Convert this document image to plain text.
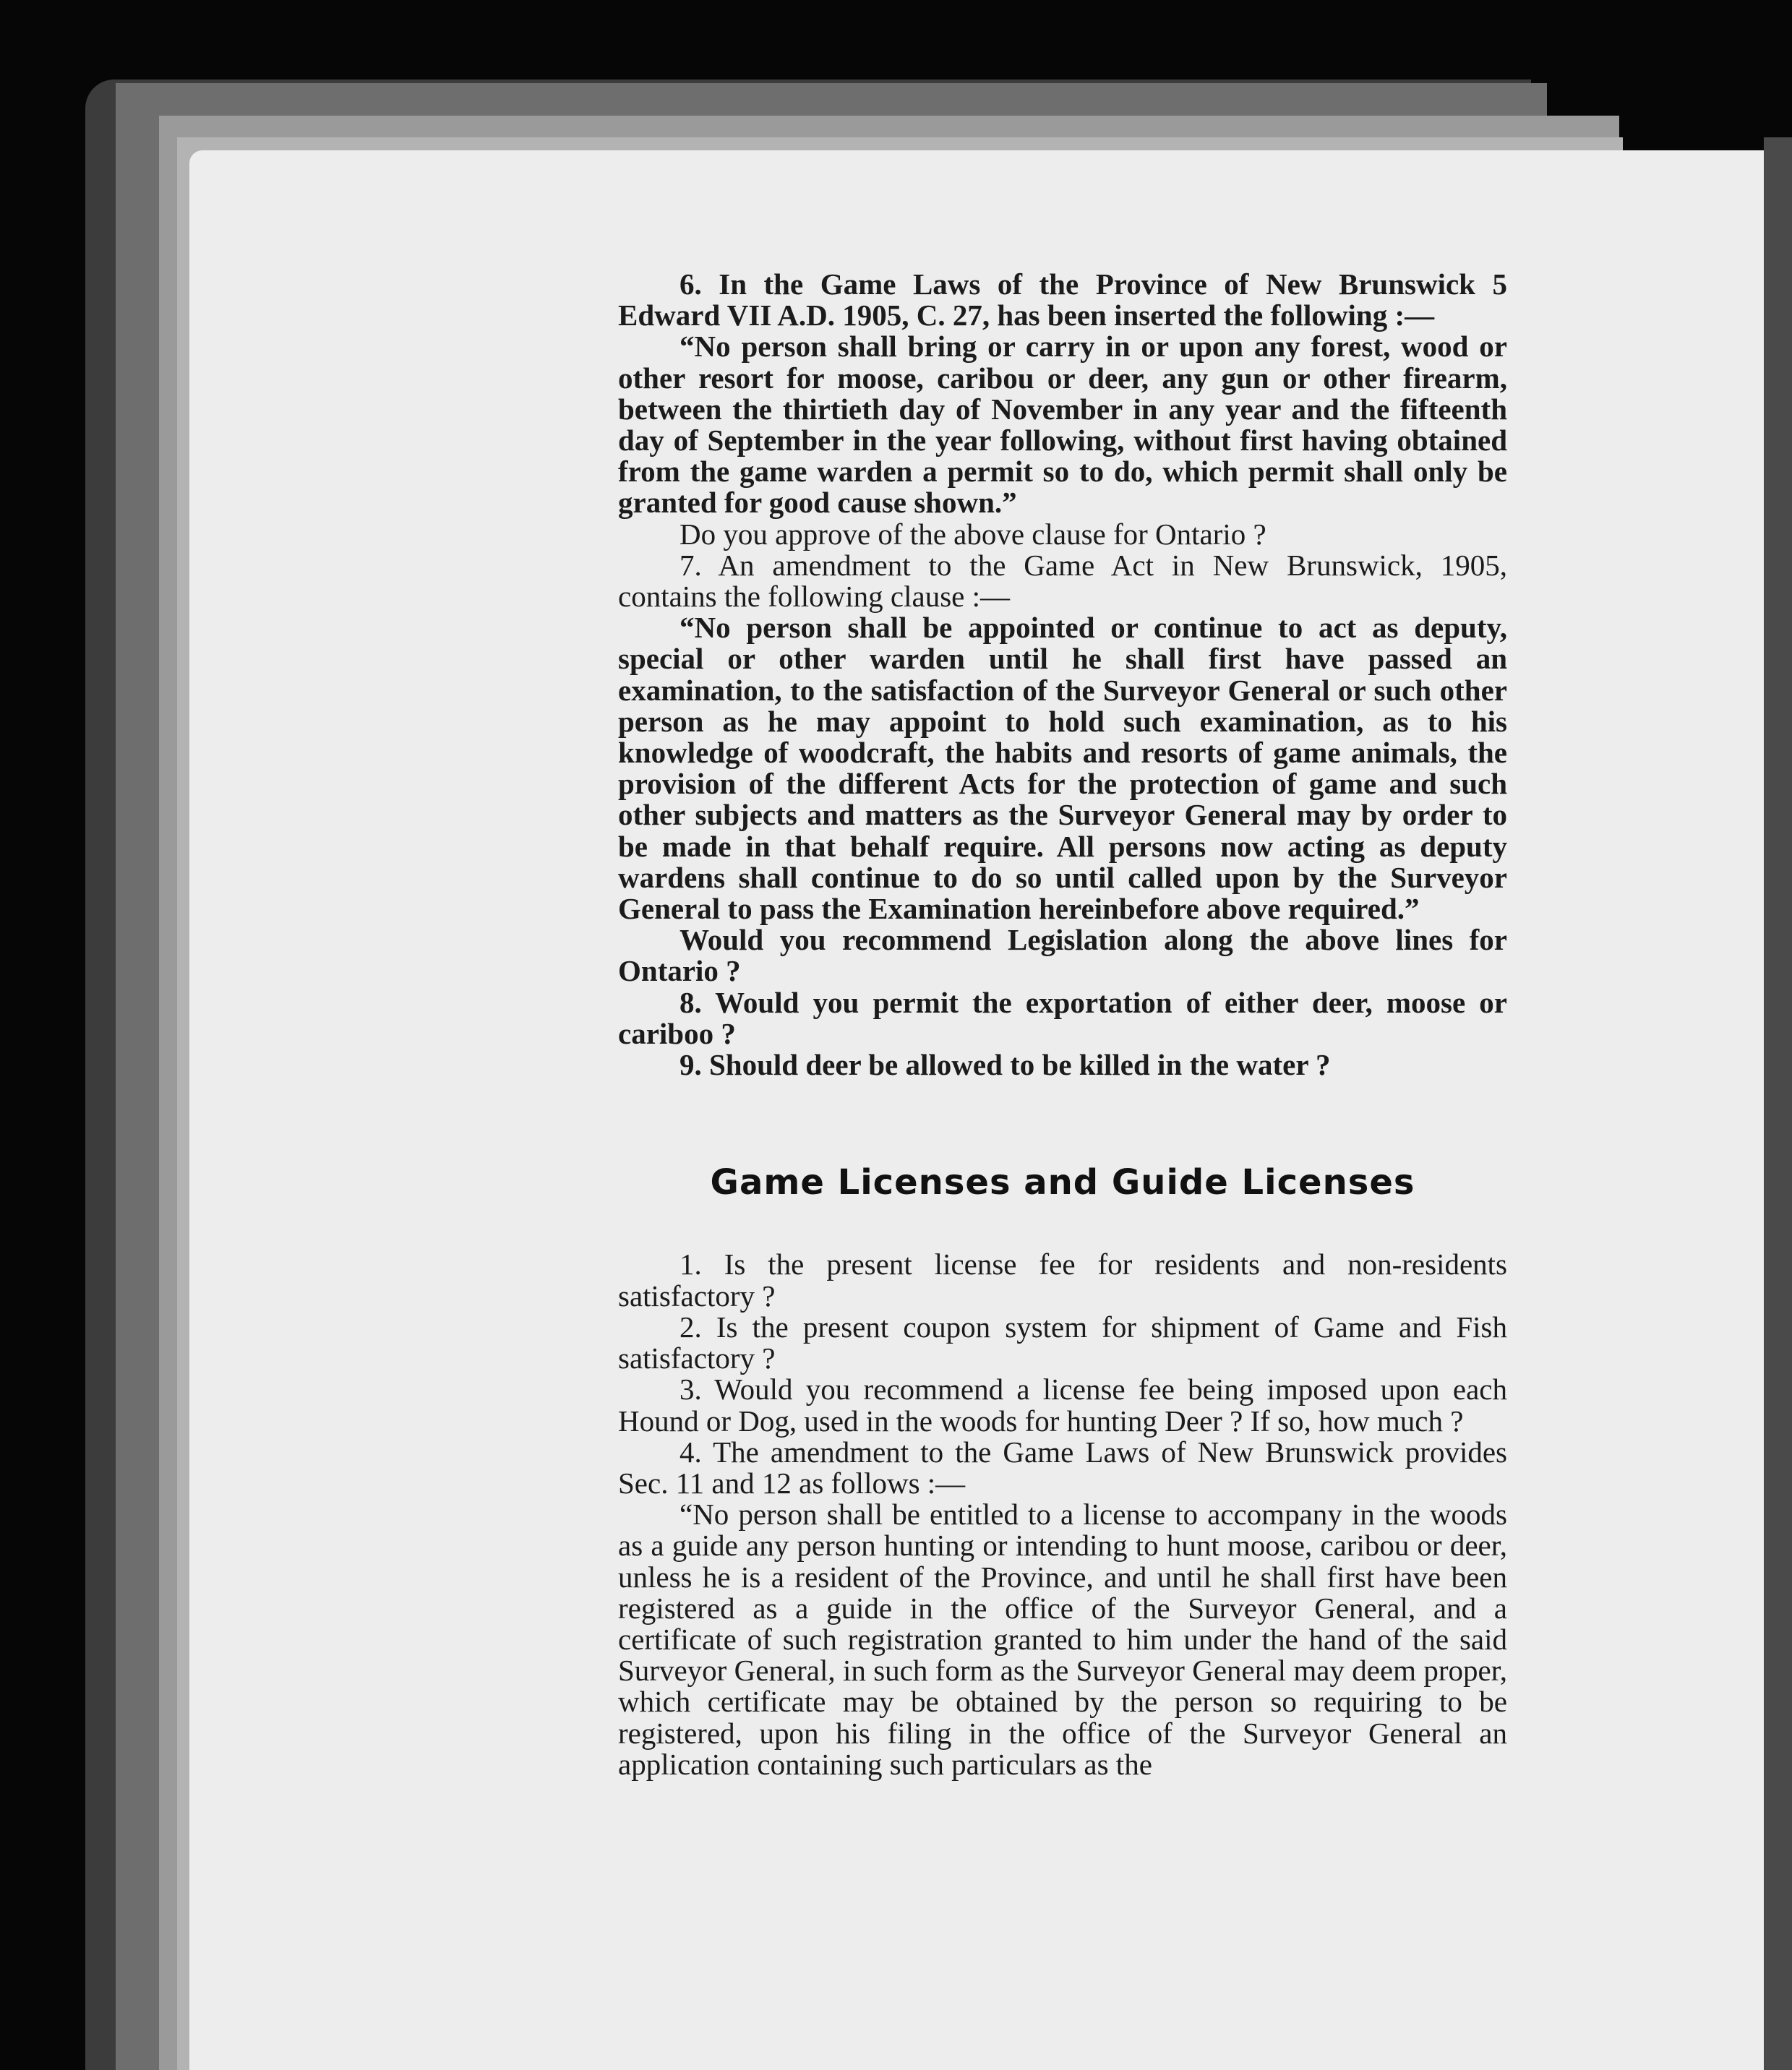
6. In the Game Laws of the Province of New Brunswick 5 Edward VII A.D. 1905, C. 27, has been inserted the following :—

“No person shall bring or carry in or upon any forest, wood or other resort for moose, caribou or deer, any gun or other firearm, between the thirtieth day of November in any year and the fifteenth day of September in the year following, without first having obtained from the game warden a permit so to do, which permit shall only be granted for good cause shown.”

Do you approve of the above clause for Ontario ?

7. An amendment to the Game Act in New Brunswick, 1905, contains the following clause :—

“No person shall be appointed or continue to act as deputy, special or other warden until he shall first have passed an examination, to the satisfaction of the Surveyor General or such other person as he may appoint to hold such examination, as to his knowledge of woodcraft, the habits and resorts of game animals, the provision of the different Acts for the protection of game and such other subjects and matters as the Surveyor General may by order to be made in that behalf require. All persons now acting as deputy wardens shall continue to do so until called upon by the Surveyor General to pass the Examination hereinbefore above required.”

Would you recommend Legislation along the above lines for Ontario ?

8. Would you permit the exportation of either deer, moose or cariboo ?

9. Should deer be allowed to be killed in the water ?

Game Licenses and Guide Licenses

1. Is the present license fee for residents and non-residents satisfactory ?

2. Is the present coupon system for shipment of Game and Fish satisfactory ?

3. Would you recommend a license fee being imposed upon each Hound or Dog, used in the woods for hunting Deer ? If so, how much ?

4. The amendment to the Game Laws of New Brunswick provides Sec. 11 and 12 as follows :—

“No person shall be entitled to a license to accompany in the woods as a guide any person hunting or intending to hunt moose, caribou or deer, unless he is a resident of the Province, and until he shall first have been registered as a guide in the office of the Surveyor General, and a certificate of such registration granted to him under the hand of the said Surveyor General, in such form as the Surveyor General may deem proper, which certificate may be obtained by the person so requiring to be registered, upon his filing in the office of the Surveyor General an application containing such particulars as the
